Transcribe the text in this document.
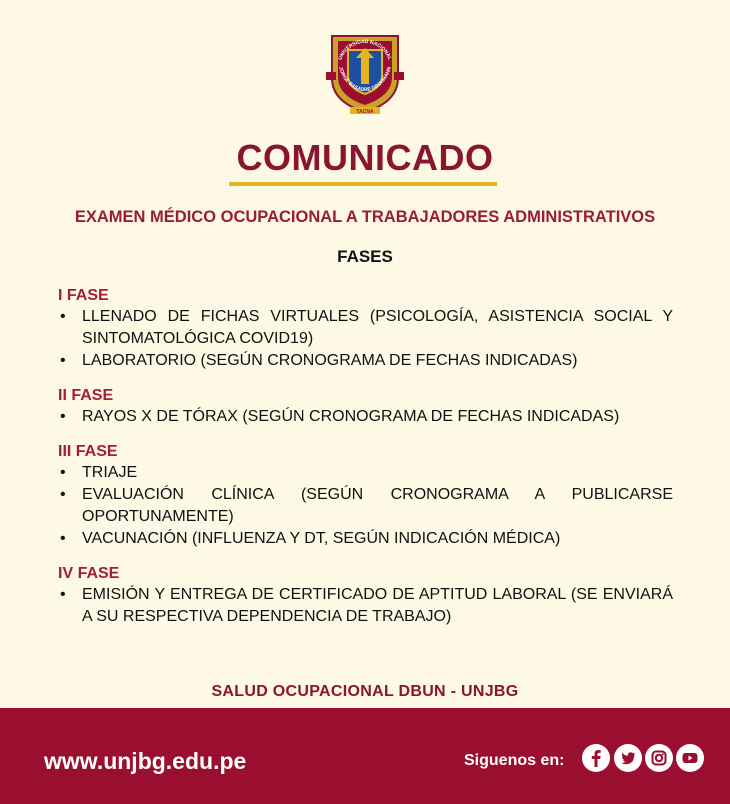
UNIVERSIDAD NACIONAL
JORGE BASADRE GROHMANN
TACNA
COMUNICADO
EXAMEN MÉDICO OCUPACIONAL A TRABAJADORES ADMINISTRATIVOS
FASES
I FASE
• LLENADO DE FICHAS VIRTUALES (PSICOLOGÍA, ASISTENCIA SOCIAL Y SINTOMATOLÓGICA COVID19)
• LABORATORIO (SEGÚN CRONOGRAMA DE FECHAS INDICADAS)
II FASE
• RAYOS X DE TÓRAX (SEGÚN CRONOGRAMA DE FECHAS INDICADAS)
III FASE
• TRIAJE
• EVALUACIÓN CLÍNICA (SEGÚN CRONOGRAMA A PUBLICARSE OPORTUNAMENTE)
• VACUNACIÓN (INFLUENZA Y DT, SEGÚN INDICACIÓN MÉDICA)
IV FASE
• EMISIÓN Y ENTREGA DE CERTIFICADO DE APTITUD LABORAL (SE ENVIARÁ A SU RESPECTIVA DEPENDENCIA DE TRABAJO)
SALUD OCUPACIONAL DBUN - UNJBG
www.unjbg.edu.pe	Siguenos en:
